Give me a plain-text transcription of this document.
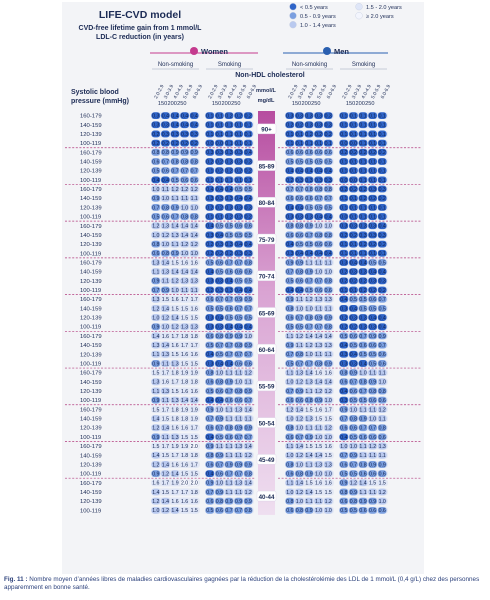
LIFE-CVD model
CVD-free lifetime gain from 1 mmol/L
LDL-C reduction (in years)
< 0.5 years
0.5 - 0.9 years
1.0 - 1.4 years
1.5 - 2.0 years
≥ 2.0 years
Women	Men
Non-smoking
2.0-2.9
3.0-3.9
4.0-4.9
5.0-5.9
6.0-6.9
150 200 250
Smoking
2.0-2.9
3.0-3.9
4.0-4.9
5.0-5.9
6.0-6.9
150 200 250
Non-smoking
2.0-2.9
3.0-3.9
4.0-4.9
5.0-5.9
6.0-6.9
150 200 250
Smoking
2.0-2.9
3.0-3.9
4.0-4.9
5.0-5.9
6.0-6.9
150 200 250
Non-HDL cholesterol
mmol/L
mg/dL
Systolic blood
pressure (mmHg)
90+
160-179	0.3 0.4 0.4 0.4 0.4 0.1 0.1 0.2 0.2 0.2	0.3 0.3 0.3 0.3 0.3 0.1 0.1 0.1 0.1 0.1
140-159	0.3 0.3 0.4 0.4 0.4 0.1 0.1 0.1 0.1 0.1	0.2 0.2 0.3 0.3 0.3 0.1 0.1 0.1 0.1 0.1
120-139	0.2 0.3 0.3 0.3 0.3 0.1 0.1 0.1 0.1 0.1	0.1 0.1 0.2 0.2 0.2 0.1 0.1 0.1 0.1 0.1
100-119	0.2 0.2 0.2 0.2 0.2 0.0 0.0 0.1 0.1 0.1	0.1 0.1 0.1 0.1 0.1 0.0 0.0 0.1 0.1 0.1
85-89
160-179	0.8 0.8 0.9 0.9 0.9 0.3 0.3 0.3 0.3 0.4	0.6 0.6 0.6 0.6 0.6 0.2 0.2 0.2 0.2 0.2
140-159	0.6 0.7 0.8 0.8 0.8 0.2 0.2 0.3 0.3 0.3	0.5 0.5 0.5 0.5 0.5 0.1 0.1 0.1 0.1 0.1
120-139	0.5 0.6 0.7 0.7 0.7 0.1 0.2 0.2 0.2 0.2	0.4 0.4 0.4 0.4 0.4 0.1 0.1 0.1 0.1 0.1
100-119	0.4 0.4 0.5 0.6 0.6 0.1 0.1 0.1 0.1 0.1	0.2 0.3 0.3 0.3 0.3 0.0 0.0 0.1 0.1 0.1
80-84
160-179	1.0 1.1 1.2 1.2 1.2 0.4 0.4 0.4 0.5 0.5	0.7 0.7 0.8 0.8 0.8 0.2 0.2 0.2 0.3 0.3
140-159	0.9 1.0 1.1 1.1 1.1 0.3 0.3 0.3 0.4 0.4	0.6 0.6 0.6 0.7 0.7 0.1 0.1 0.2 0.2 0.2
120-139	0.7 0.8 0.9 1.0 1.0 0.2 0.2 0.3 0.3 0.3	0.4 0.4 0.5 0.5 0.5 0.1 0.1 0.1 0.1 0.1
100-119	0.5 0.6 0.7 0.8 0.8 0.1 0.1 0.2 0.2 0.2	0.3 0.3 0.3 0.4 0.4 0.0 0.1 0.1 0.1 0.1
75-79
160-179	1.2 1.3 1.4 1.4 1.4 0.4 0.5 0.5 0.6 0.6	0.8 0.8 0.9 1.0 1.0 0.3 0.3 0.3 0.3 0.4
140-159	1.0 1.2 1.3 1.4 1.4 0.3 0.4 0.5 0.5 0.5	0.6 0.6 0.7 0.8 0.8 0.2 0.2 0.3 0.3 0.3
120-139	0.8 1.0 1.1 1.2 1.2 0.2 0.3 0.3 0.4 0.4	0.4 0.5 0.5 0.6 0.6 0.1 0.1 0.2 0.2 0.2
100-119	0.6 0.8 0.9 1.0 1.0 0.2 0.2 0.2 0.3 0.3	0.3 0.4 0.4 0.4 0.4 0.1 0.1 0.1 0.1 0.1
70-74
160-179	1.3 1.4 1.5 1.6 1.6 0.5 0.6 0.7 0.7 0.8	0.9 0.9 1.1 1.1 1.1 0.3 0.4 0.4 0.5 0.5
140-159	1.1 1.3 1.4 1.4 1.4 0.4 0.5 0.6 0.6 0.6	0.7 0.8 0.9 1.0 1.0 0.2 0.3 0.3 0.4 0.4
120-139	0.9 1.1 1.2 1.3 1.3 0.3 0.3 0.4 0.5 0.5	0.5 0.6 0.7 0.7 0.8 0.2 0.2 0.2 0.3 0.3
100-119	0.7 0.9 1.0 1.1 1.1 0.2 0.3 0.3 0.4 0.4	0.4 0.4 0.5 0.6 0.6 0.1 0.1 0.2 0.2 0.2
65-69
160-179	1.3 1.5 1.6 1.7 1.7 0.6 0.7 0.7 0.9 0.9	0.9 1.1 1.2 1.3 1.3 0.4 0.5 0.5 0.6 0.7
140-159	1.2 1.4 1.5 1.5 1.6 0.5 0.5 0.6 0.7 0.7	0.8 1.0 1.0 1.1 1.1 0.3 0.4 0.5 0.5 0.5
120-139	1.0 1.2 1.4 1.5 1.5 0.3 0.4 0.5 0.5 0.5	0.6 0.7 0.8 0.9 0.9 0.2 0.3 0.3 0.4 0.4
100-119	0.9 1.0 1.2 1.3 1.3 0.3 0.3 0.4 0.4 0.4	0.5 0.5 0.7 0.7 0.8 0.2 0.2 0.3 0.3 0.4
60-64
160-179	1.4 1.6 1.7 1.8 1.8 0.6 0.8 0.9 0.9 1.0	1.1 1.2 1.4 1.4 1.4 0.5 0.6 0.7 0.9 0.9
140-159	1.3 1.4 1.6 1.7 1.7 0.5 0.7 0.7 0.8 0.9	0.9 1.1 1.2 1.3 1.3 0.4 0.5 0.6 0.6 0.7
120-139	1.1 1.3 1.5 1.6 1.6 0.4 0.5 0.7 0.7 0.7	0.7 0.8 1.0 1.1 1.1 0.3 0.4 0.5 0.5 0.6
100-119	0.9 1.1 1.3 1.5 1.5 0.3 0.4 0.4 0.6 0.6	0.5 0.7 0.7 0.8 0.9 0.3 0.3 0.4 0.5 0.6
55-59
160-179	1.5 1.7 1.8 1.9 1.9 0.8 1.0 1.1 1.1 1.2	1.1 1.3 1.4 1.6 1.6 0.8 0.9 1.0 1.1 1.1
140-159	1.3 1.6 1.7 1.8 1.8 0.6 0.8 0.9 1.0 1.1	1.0 1.2 1.3 1.4 1.4 0.6 0.7 0.8 0.9 1.0
120-139	1.1 1.3 1.5 1.6 1.6 0.5 0.6 0.7 0.8 0.9	0.7 0.9 1.1 1.2 1.2 0.4 0.6 0.7 0.8 0.8
100-119	0.9 1.1 1.3 1.4 1.4 0.4 0.4 0.6 0.6 0.7	0.6 0.6 0.8 0.9 1.0 0.3 0.5 0.5 0.6 0.6
50-54
160-179	1.5 1.7 1.8 1.9 1.9 0.9 1.0 1.1 1.3 1.4	1.2 1.4 1.5 1.6 1.7 0.9 1.0 1.1 1.1 1.2
140-159	1.4 1.5 1.8 1.8 1.9 0.7 0.9 1.1 1.1 1.1	1.0 1.2 1.3 1.5 1.5 0.7 0.8 0.9 1.0 1.1
120-139	1.2 1.4 1.6 1.6 1.7 0.6 0.7 0.8 0.9 0.9	0.8 1.0 1.1 1.1 1.2 0.6 0.6 0.7 0.7 0.8
100-119	0.9 1.1 1.3 1.5 1.5 0.4 0.5 0.6 0.7 0.7	0.6 0.7 0.9 1.0 1.0 0.4 0.5 0.6 0.6 0.6
45-49
160-179	1.5 1.7 1.9 1.9 2.0 0.9 1.1 1.1 1.3 1.4	1.1 1.4 1.5 1.5 1.6 1.0 1.0 1.1 1.2 1.3
140-159	1.4 1.5 1.7 1.8 1.8 0.8 0.9 1.1 1.1 1.2	1.0 1.2 1.4 1.4 1.5 0.7 0.9 1.1 1.1 1.1
120-139	1.2 1.4 1.6 1.6 1.7 0.6 0.7 0.9 0.9 0.9	0.8 1.0 1.1 1.3 1.3 0.6 0.7 0.8 0.9 0.9
100-119	0.9 1.2 1.4 1.5 1.5 0.4 0.6 0.7 0.7 0.8	0.6 0.8 0.9 1.0 1.0 0.5 0.5 0.6 0.6 0.6
40-44
160-179	1.6 1.7 1.9 2.0 2.0 0.9 1.0 1.1 1.3 1.4	1.1 1.4 1.5 1.6 1.6 0.9 1.2 1.4 1.5 1.5
140-159	1.4 1.5 1.7 1.7 1.8 0.7 0.9 1.1 1.1 1.2	1.0 1.2 1.4 1.5 1.5 0.8 0.9 1.1 1.1 1.2
120-139	1.2 1.4 1.6 1.6 1.6 0.6 0.8 0.9 0.9 0.9	0.8 1.0 1.1 1.1 1.2 0.6 0.8 0.9 0.9 1.0
100-119	1.0 1.2 1.4 1.5 1.5 0.5 0.6 0.7 0.7 0.8	0.6 0.8 0.9 1.0 1.0 0.5 0.5 0.6 0.6 0.6
Fig. 11 : Nombre moyen d’années libres de maladies cardiovasculaires gagnées par la réduction de la cholestérolémie des LDL de 1 mmol/L (0,4 g/L) chez des personnes apparemment en bonne santé.
